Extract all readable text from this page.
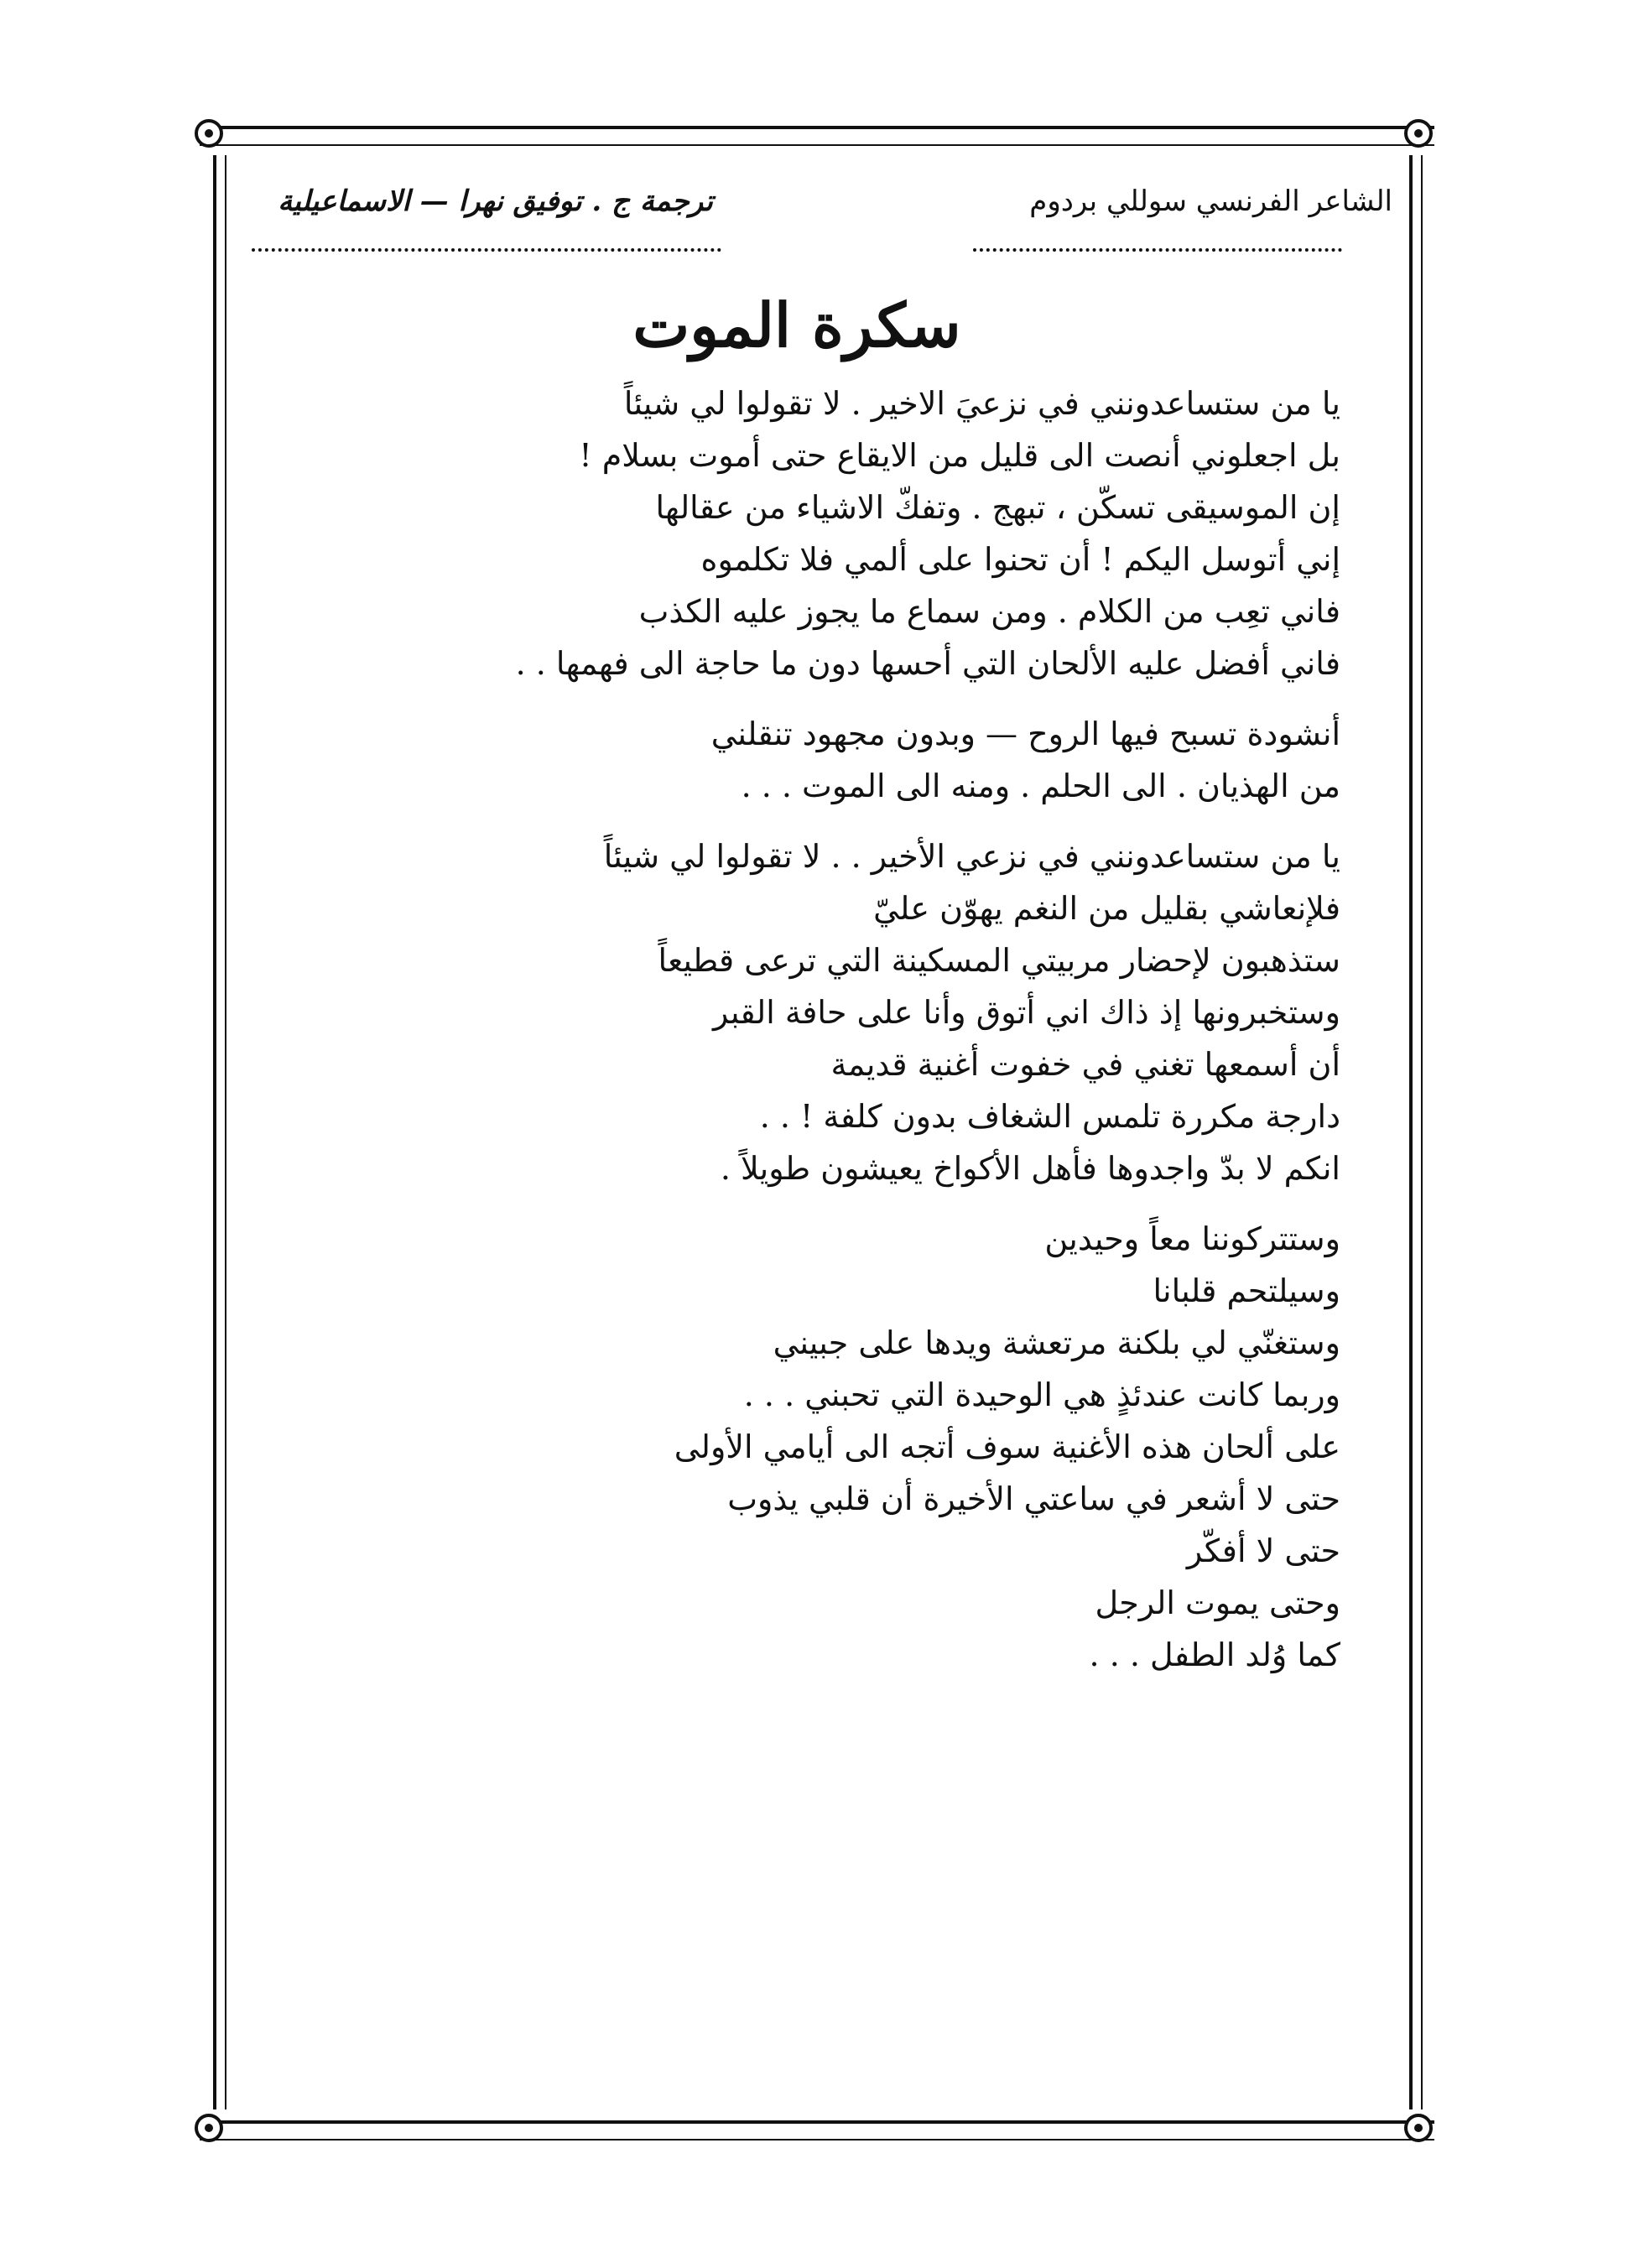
الشاعر الفرنسي سوللي بردوم
ترجمة ج . توفيق نهرا — الاسماعيلية
سكرة الموت
يا من ستساعدونني في نزعيَ الاخير . لا تقولوا لي شيئاً
بل اجعلوني أنصت الى قليل من الايقاع حتى أموت بسلام !
إن الموسيقى تسكّن ، تبهج . وتفكّ الاشياء من عقالها
إني أتوسل اليكم ! أن تحنوا على ألمي فلا تكلموه
فاني تعِب من الكلام . ومن سماع ما يجوز عليه الكذب
فاني أفضل عليه الألحان التي أحسها دون ما حاجة الى فهمها . .
أنشودة تسبح فيها الروح — وبدون مجهود تنقلني
من الهذيان . الى الحلم . ومنه الى الموت . . .
يا من ستساعدونني في نزعي الأخير . . لا تقولوا لي شيئاً
فلإنعاشي بقليل من النغم يهوّن عليّ
ستذهبون لإحضار مربيتي المسكينة التي ترعى قطيعاً
وستخبرونها إذ ذاك اني أتوق وأنا على حافة القبر
أن أسمعها تغني في خفوت أغنية قديمة
دارجة مكررة تلمس الشغاف بدون كلفة ! . .
انكم لا بدّ واجدوها فأهل الأكواخ يعيشون طويلاً .
وستتركوننا معاً وحيدين
وسيلتحم قلبانا
وستغنّي لي بلكنة مرتعشة ويدها على جبيني
وربما كانت عندئذٍ هي الوحيدة التي تحبني . . .
على ألحان هذه الأغنية سوف أتجه الى أيامي الأولى
حتى لا أشعر في ساعتي الأخيرة أن قلبي يذوب
حتى لا أفكّر
وحتى يموت الرجل
كما وُلد الطفل . . .
